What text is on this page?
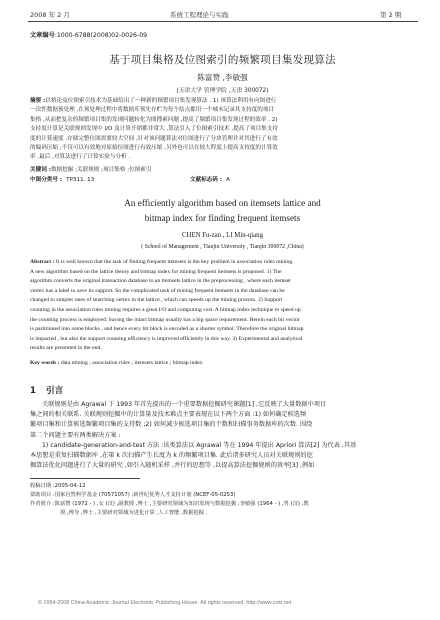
2008 年 2 月	系统工程理论与实践	第 2 期
文章编号:1000-6788(2008)02-0026-09
基于项目集格及位图索引的频繁项目集发现算法
陈富赞 ,李敏强
(天津大学 管理学院 ,天津 300072)
摘要 :以格论及位图索引技术为基础给出了一种新的频繁项目集发现算法 . 1) 该算法利用有向图进行
一次性数据预处理 ,在预处理过程中将数据库预先存贮为每个结点都用一个城末记录其支持度的项目
集格 ,从而把复杂的频繁项目集的发现问题转化为图搜索问题 ,提高了频繁项目集发现过程的效率 . 2)
支持度计算是关联规则发现中 I/O 及计算开销都非常大 ,算法引入了位图索引技术 ,提高了项目集支持
度的计算速度 .存储完整位图需要较大空间 ,针对该问题算法对位图进行了分块管理并对其进行了有效
的编码压缩 ;不仅可以有效地对原始位图进行有效压缩 ,另外也可以在较大程度上提高支持度的计算效
率 .最后 ,对算法进行了计算实验与分析 .
关键词 :数据挖掘 ;关联规则 ;项目集格 ;位图索引
中图分类号 : TP311. 13	文献标志码 : A
An efficiently algorithm based on itemsets lattice and
bitmap index for finding frequent itemsets
CHEN Fu-zan , LI Min-qiang
( School of Management , Tianjin University , Tianjin 300072 ,China)
Abstract : It is well known that the task of finding frequent itemsets is the key problem in association rules mining.
A new algorithm based on the lattice theory and bitmap index for mining frequent itemsets is proposed. 1) The
algorithm converts the original transaction database to an itemsets lattice in the preprocessing , where each itemset
vertex has a label to save its support. So the complicated task of mining frequent itemsets in the database can be
changed to simpler ones of searching vertex in the lattice , which can speeds up the mining process. 2) Support
counting in the association rules mining requires a great I/O and computing cost. A bitmap index technique to speed up
the counting process is employed. Saving the intact bitmap usually has a big space requirement. Herein each bit vector
is partitioned into some blocks , and hence every bit block is encoded as a shorter symbol. Therefore the original bitmap
is impacted , but also the support counting efficiency is improved efficiently in this way. 3) Experimental and analytical
results are presented in the end.
Key words : data mining ; association rules ; itemsets lattice ; bitmap index
1 引言
关联规则是由 Agrawal 于 1993 年首先提出的一个重要数据挖掘研究课题[1] ,它反映了大量数据中项目
集之间的相关联系. 关联规则挖掘中的计算量及技术难点主要表现在以下两个方面 :1) 如何确定候选频
繁项目集和计算候选频繁项目集的支持数 ;2) 如何减少候选项目集的个数和扫描事务数据库的次数. 围绕
第二个问题主要有两类解决方案 :
1) candidate-generation-and-test 方法 :该类算法以 Agrawal 等在 1994 年提出 Apriori 算法[2] 为代表 ,其基
本思想是重复扫描数据库 ,在第 k 次扫描产生长度为 k 的频繁项目集. 此后诸多研究人员对关联规则的挖
掘算法优化问题进行了大量的研究 ,如引入随机采样 ,并行的思想等 ,以提高算法挖掘规则的效率[3] ,例如
收稿日期 :2005-04-12
资助项目 :国家自然科学基金 (70571057) ;新世纪优秀人才支持计划 (NCEF-05-0253)
作者简介 :陈富赞 (1972 - ) ,女 (汉) ,副教授 ,博士 ,主要研究领域为知识发现与数据挖掘 ;李敏强 (1964 - ) ,男 (汉) ,教
授 ,博导 ,博士 ,主要研究领域为进化计算 ,人工智能 ,数据挖掘 .
© 1994-2008 China Academic Journal Electronic Publishing House. All rights reserved. http://www.cnki.net
